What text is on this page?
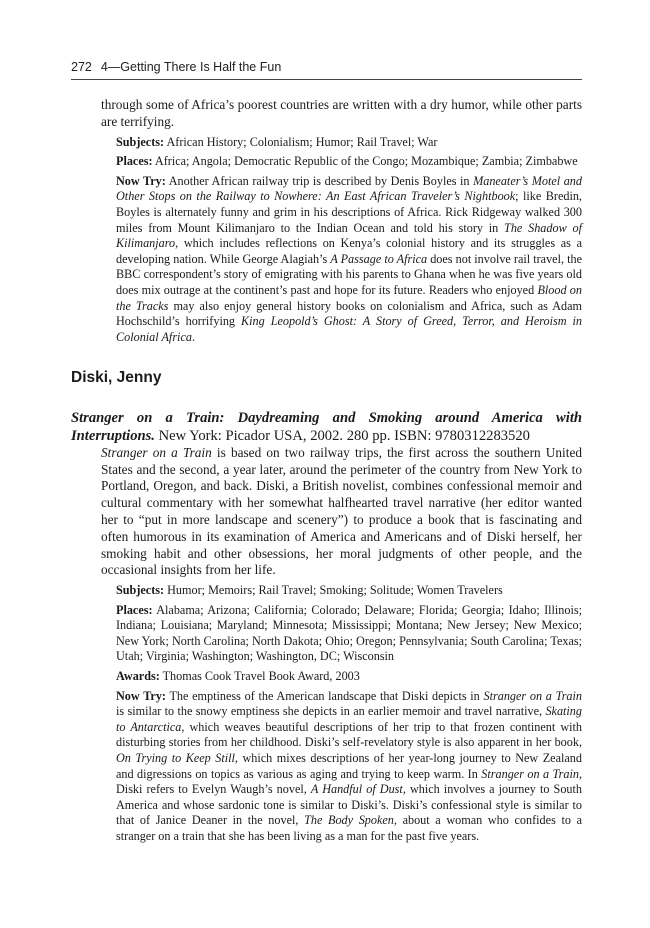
272 4—Getting There Is Half the Fun

through some of Africa’s poorest countries are written with a dry humor, while other parts are terrifying.

Subjects: African History; Colonialism; Humor; Rail Travel; War
Places: Africa; Angola; Democratic Republic of the Congo; Mozambique; Zambia; Zimbabwe
Now Try: Another African railway trip is described by Denis Boyles in Maneater’s Motel and Other Stops on the Railway to Nowhere: An East African Traveler’s Nightbook; like Bredin, Boyles is alternately funny and grim in his descriptions of Africa. Rick Ridgeway walked 300 miles from Mount Kilimanjaro to the Indian Ocean and told his story in The Shadow of Kilimanjaro, which includes reflections on Kenya’s colonial history and its struggles as a developing nation. While George Alagiah’s A Passage to Africa does not involve rail travel, the BBC correspondent’s story of emigrating with his parents to Ghana when he was five years old does mix outrage at the continent’s past and hope for its future. Readers who enjoyed Blood on the Tracks may also enjoy general history books on colonialism and Africa, such as Adam Hochschild’s horrifying King Leopold’s Ghost: A Story of Greed, Terror, and Heroism in Colonial Africa.
Diski, Jenny
Stranger on a Train: Daydreaming and Smoking around America with Interruptions. New York: Picador USA, 2002. 280 pp. ISBN: 9780312283520
Stranger on a Train is based on two railway trips, the first across the southern United States and the second, a year later, around the perimeter of the country from New York to Portland, Oregon, and back. Diski, a British novelist, combines confessional memoir and cultural commentary with her somewhat halfhearted travel narrative (her editor wanted her to “put in more landscape and scenery”) to produce a book that is fascinating and often humorous in its examination of America and Americans and of Diski herself, her smoking habit and other obsessions, her moral judgments of other people, and the occasional insights from her life.
Subjects: Humor; Memoirs; Rail Travel; Smoking; Solitude; Women Travelers
Places: Alabama; Arizona; California; Colorado; Delaware; Florida; Georgia; Idaho; Illinois; Indiana; Louisiana; Maryland; Minnesota; Mississippi; Montana; New Jersey; New Mexico; New York; North Carolina; North Dakota; Ohio; Oregon; Pennsylvania; South Carolina; Texas; Utah; Virginia; Washington; Washington, DC; Wisconsin
Awards: Thomas Cook Travel Book Award, 2003
Now Try: The emptiness of the American landscape that Diski depicts in Stranger on a Train is similar to the snowy emptiness she depicts in an earlier memoir and travel narrative, Skating to Antarctica, which weaves beautiful descriptions of her trip to that frozen continent with disturbing stories from her childhood. Diski’s self-revelatory style is also apparent in her book, On Trying to Keep Still, which mixes descriptions of her year-long journey to New Zealand and digressions on topics as various as aging and trying to keep warm. In Stranger on a Train, Diski refers to Evelyn Waugh’s novel, A Handful of Dust, which involves a journey to South America and whose sardonic tone is similar to Diski’s. Diski’s confessional style is similar to that of Janice Deaner in the novel, The Body Spoken, about a woman who confides to a stranger on a train that she has been living as a man for the past five years.
